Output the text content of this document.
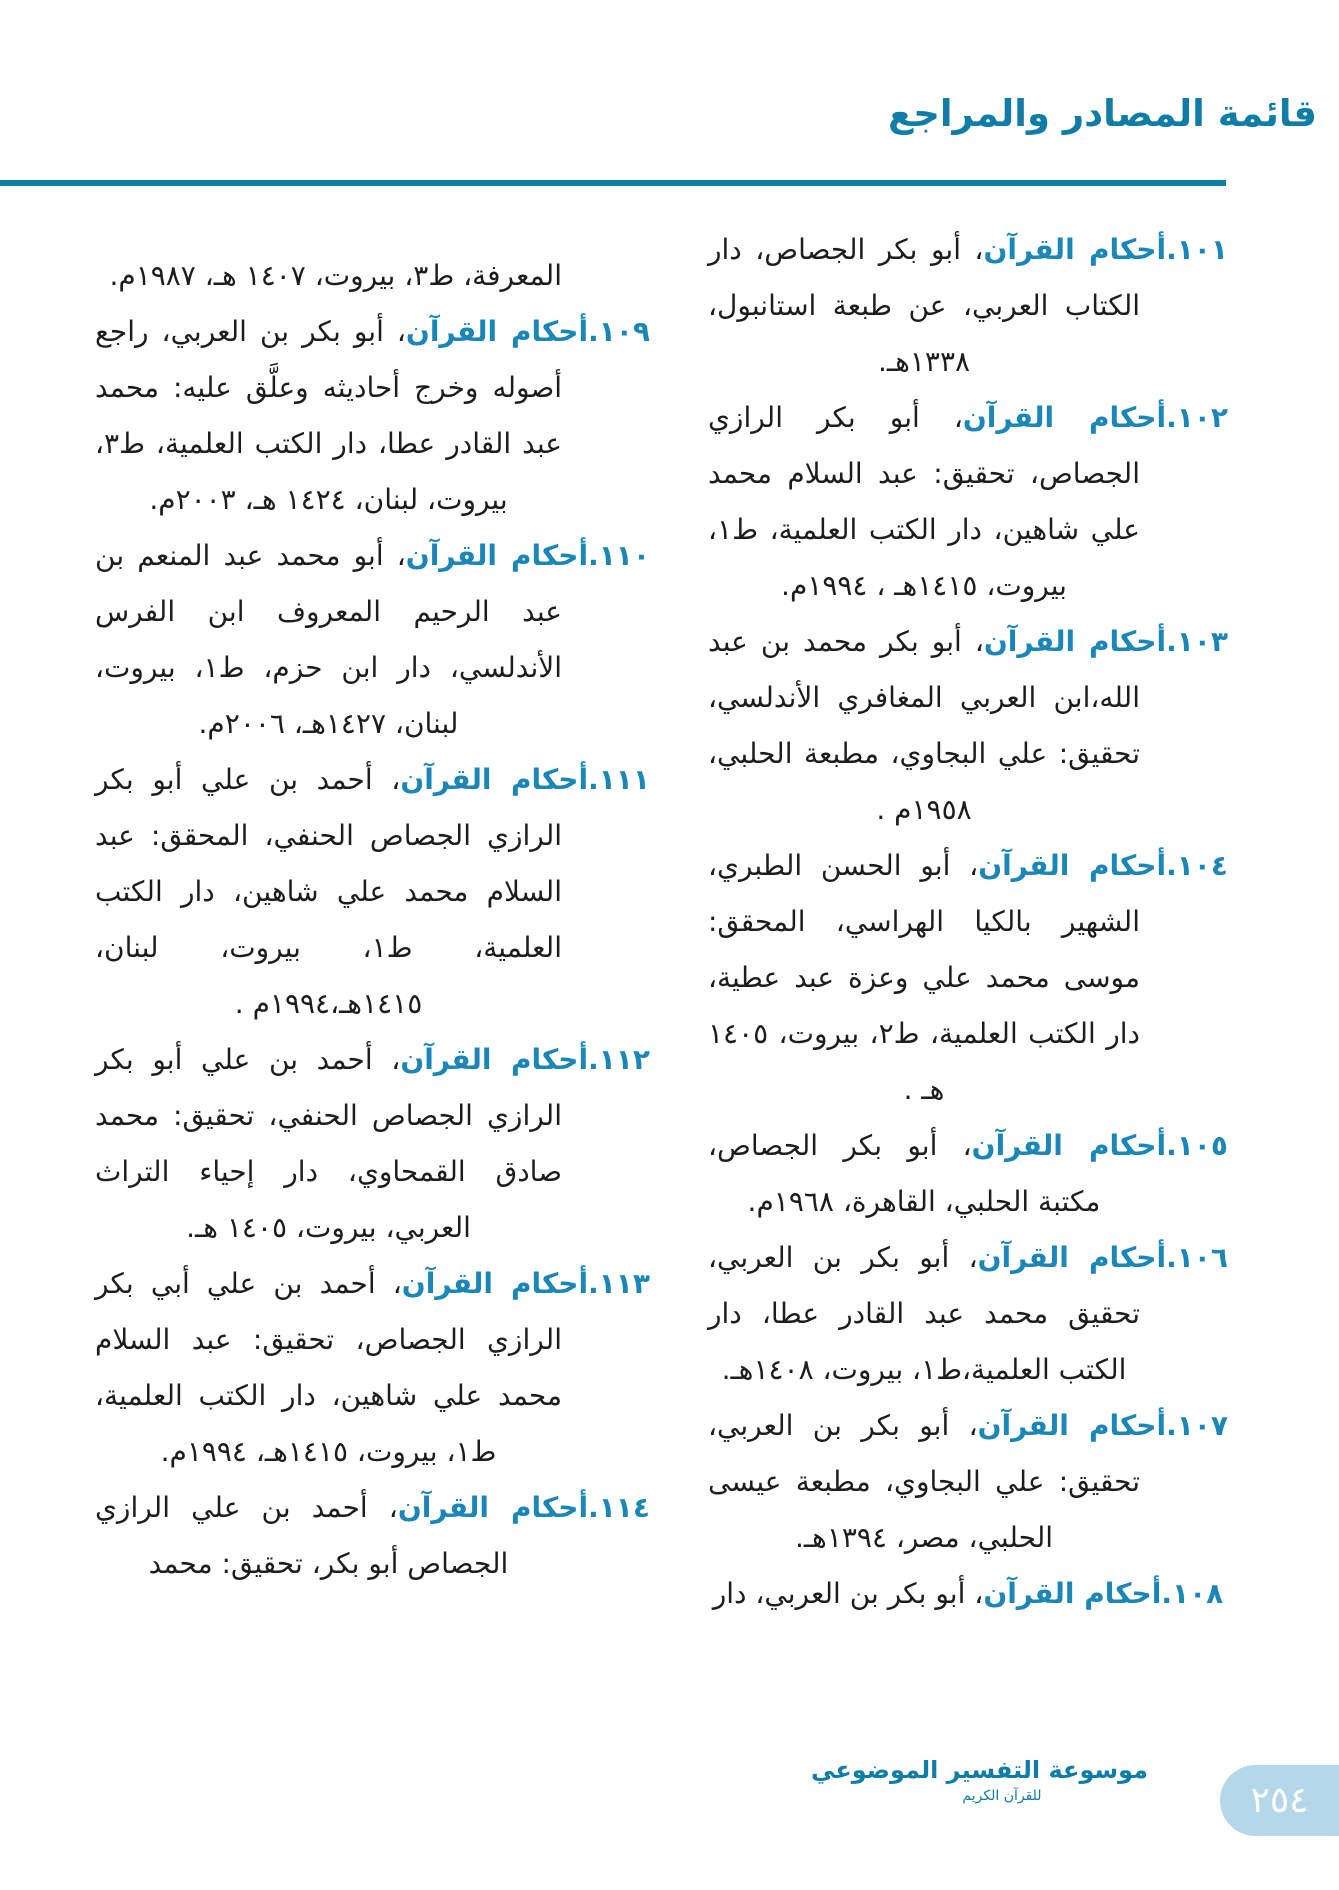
قائمة المصادر والمراجع

١٠١.أحكام القرآن، أبو بكر الجصاص، دار الكتاب العربي، عن طبعة استانبول، ١٣٣٨هـ.

١٠٢.أحكام القرآن، أبو بكر الرازي الجصاص، تحقيق: عبد السلام محمد علي شاهين، دار الكتب العلمية، ط١، بيروت، ١٤١٥هـ ، ١٩٩٤م.

١٠٣.أحكام القرآن، أبو بكر محمد بن عبد الله،ابن العربي المغافري الأندلسي، تحقيق: علي البجاوي، مطبعة الحلبي، ١٩٥٨م .

١٠٤.أحكام القرآن، أبو الحسن الطبري، الشهير بالكيا الهراسي، المحقق: موسى محمد علي وعزة عبد عطية، دار الكتب العلمية، ط٢، بيروت، ١٤٠٥ هـ .

١٠٥.أحكام القرآن، أبو بكر الجصاص، مكتبة الحلبي، القاهرة، ١٩٦٨م.

١٠٦.أحكام القرآن، أبو بكر بن العربي، تحقيق محمد عبد القادر عطا، دار الكتب العلمية،ط١، بيروت، ١٤٠٨هـ.

١٠٧.أحكام القرآن، أبو بكر بن العربي، تحقيق: علي البجاوي، مطبعة عيسى الحلبي، مصر، ١٣٩٤هـ.

١٠٨.أحكام القرآن، أبو بكر بن العربي، دار

المعرفة، ط٣، بيروت، ١٤٠٧ هـ، ١٩٨٧م.

١٠٩.أحكام القرآن، أبو بكر بن العربي، راجع أصوله وخرج أحاديثه وعلَّق عليه: محمد عبد القادر عطا، دار الكتب العلمية، ط٣، بيروت، لبنان، ١٤٢٤ هـ، ٢٠٠٣م.

١١٠.أحكام القرآن، أبو محمد عبد المنعم بن عبد الرحيم المعروف ابن الفرس الأندلسي، دار ابن حزم، ط١، بيروت، لبنان، ١٤٢٧هـ، ٢٠٠٦م.

١١١.أحكام القرآن، أحمد بن علي أبو بكر الرازي الجصاص الحنفي، المحقق: عبد السلام محمد علي شاهين، دار الكتب العلمية، ط١، بيروت، لبنان، ١٤١٥هـ،١٩٩٤م .

١١٢.أحكام القرآن، أحمد بن علي أبو بكر الرازي الجصاص الحنفي، تحقيق: محمد صادق القمحاوي، دار إحياء التراث العربي، بيروت، ١٤٠٥ هـ.

١١٣.أحكام القرآن، أحمد بن علي أبي بكر الرازي الجصاص، تحقيق: عبد السلام محمد علي شاهين، دار الكتب العلمية، ط١، بيروت، ١٤١٥هـ، ١٩٩٤م.

١١٤.أحكام القرآن، أحمد بن علي الرازي الجصاص أبو بكر، تحقيق: محمد

موسوعة التفسير الموضوعي
للقرآن الكريم	٢٥٤
